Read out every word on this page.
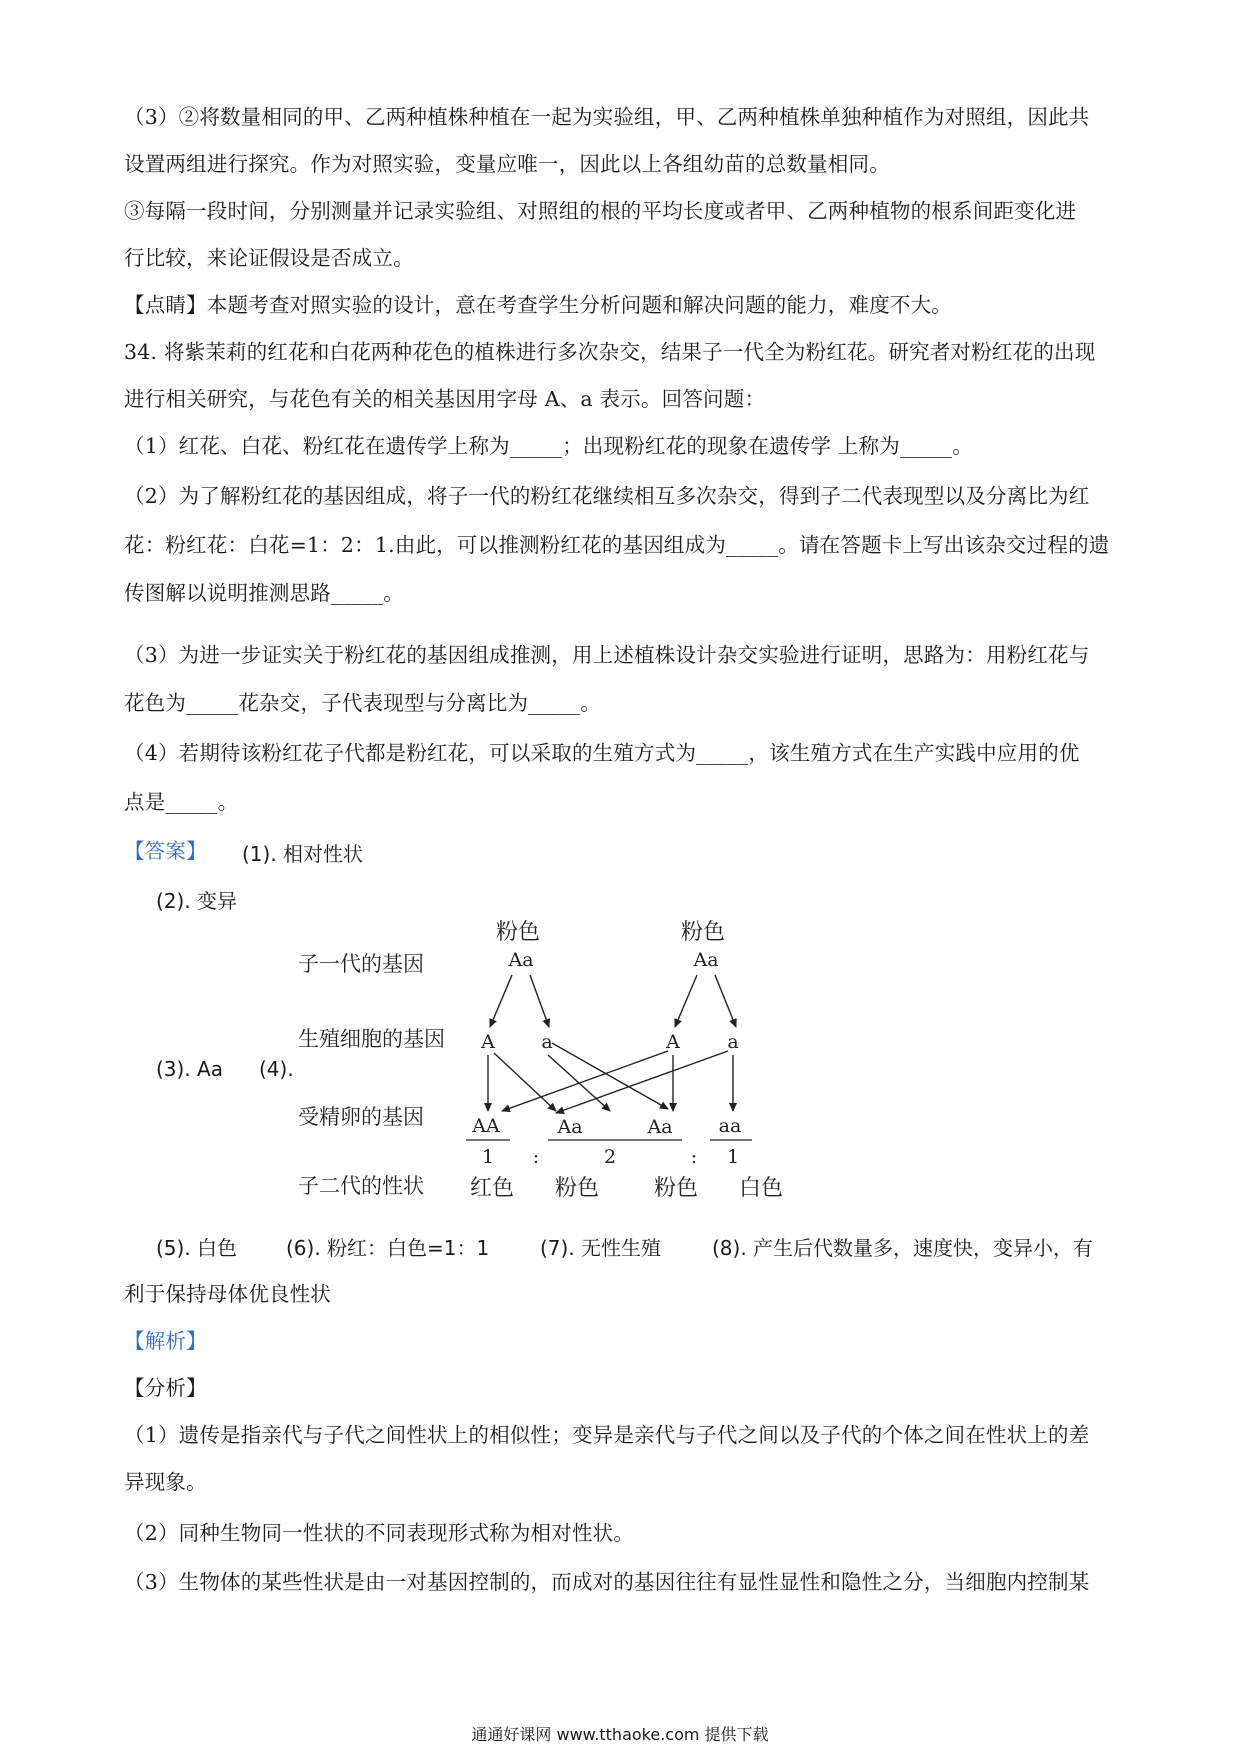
（3）②将数量相同的甲、乙两种植株种植在一起为实验组，甲、乙两种植株单独种植作为对照组，因此共
设置两组进行探究。作为对照实验，变量应唯一，因此以上各组幼苗的总数量相同。
③每隔一段时间，分别测量并记录实验组、对照组的根的平均长度或者甲、乙两种植物的根系间距变化进
行比较，来论证假设是否成立。
【点睛】本题考查对照实验的设计，意在考查学生分析问题和解决问题的能力，难度不大。
34. 将紫茉莉的红花和白花两种花色的植株进行多次杂交，结果子一代全为粉红花。研究者对粉红花的出现
进行相关研究，与花色有关的相关基因用字母 A、a 表示。回答问题：
（1）红花、白花、粉红花在遗传学上称为_____；出现粉红花的现象在遗传学 上称为_____。
（2）为了解粉红花的基因组成，将子一代的粉红花继续相互多次杂交，得到子二代表现型以及分离比为红
花：粉红花：白花=1：2：1.由此，可以推测粉红花的基因组成为_____。请在答题卡上写出该杂交过程的遗
传图解以说明推测思路_____。
（3）为进一步证实关于粉红花的基因组成推测，用上述植株设计杂交实验进行证明，思路为：用粉红花与
花色为_____花杂交，子代表现型与分离比为_____。
（4）若期待该粉红花子代都是粉红花，可以采取的生殖方式为_____，该生殖方式在生产实践中应用的优
点是_____。
【答案】	(1). 相对性状
(2). 变异
(3). Aa (4).
子一代的基因
生殖细胞的基因
受精卵的基因
子二代的性状
粉色
Aa
粉色
Aa
A a	A a
AA	Aa	Aa aa
1 :	2	: 1
红色 粉色 粉色 白色
(5). 白色 (6). 粉红：白色=1：1	(7). 无性生殖	(8). 产生后代数量多，速度快，变异小，有
利于保持母体优良性状
【解析】
【分析】
（1）遗传是指亲代与子代之间性状上的相似性；变异是亲代与子代之间以及子代的个体之间在性状上的差
异现象。
（2）同种生物同一性状的不同表现形式称为相对性状。
（3）生物体的某些性状是由一对基因控制的，而成对的基因往往有显性显性和隐性之分，当细胞内控制某
通通好课网 www.tthaoke.com 提供下载
